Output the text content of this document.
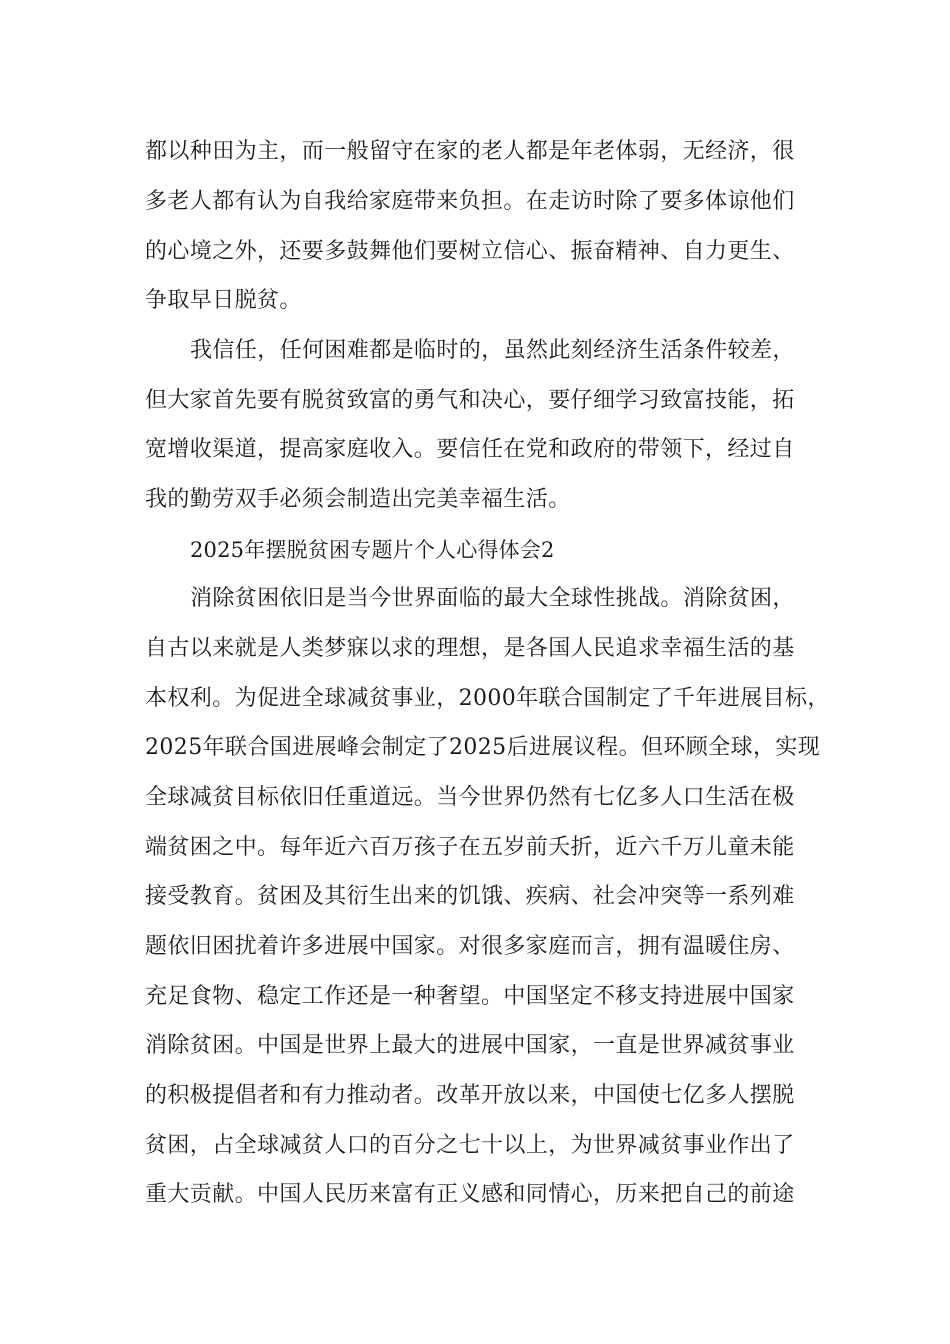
都以种田为主，而一般留守在家的老人都是年老体弱，无经济，很
多老人都有认为自我给家庭带来负担。在走访时除了要多体谅他们
的心境之外，还要多鼓舞他们要树立信心、振奋精神、自力更生、
争取早日脱贫。
我信任，任何困难都是临时的，虽然此刻经济生活条件较差，
但大家首先要有脱贫致富的勇气和决心，要仔细学习致富技能，拓
宽增收渠道，提高家庭收入。要信任在党和政府的带领下，经过自
我的勤劳双手必须会制造出完美幸福生活。
2025年摆脱贫困专题片个人心得体会2
消除贫困依旧是当今世界面临的最大全球性挑战。消除贫困，
自古以来就是人类梦寐以求的理想，是各国人民追求幸福生活的基
本权利。为促进全球减贫事业，2000年联合国制定了千年进展目标，
2025年联合国进展峰会制定了2025后进展议程。但环顾全球，实现
全球减贫目标依旧任重道远。当今世界仍然有七亿多人口生活在极
端贫困之中。每年近六百万孩子在五岁前夭折，近六千万儿童未能
接受教育。贫困及其衍生出来的饥饿、疾病、社会冲突等一系列难
题依旧困扰着许多进展中国家。对很多家庭而言，拥有温暖住房、
充足食物、稳定工作还是一种奢望。中国坚定不移支持进展中国家
消除贫困。中国是世界上最大的进展中国家，一直是世界减贫事业
的积极提倡者和有力推动者。改革开放以来，中国使七亿多人摆脱
贫困，占全球减贫人口的百分之七十以上，为世界减贫事业作出了
重大贡献。中国人民历来富有正义感和同情心，历来把自己的前途
